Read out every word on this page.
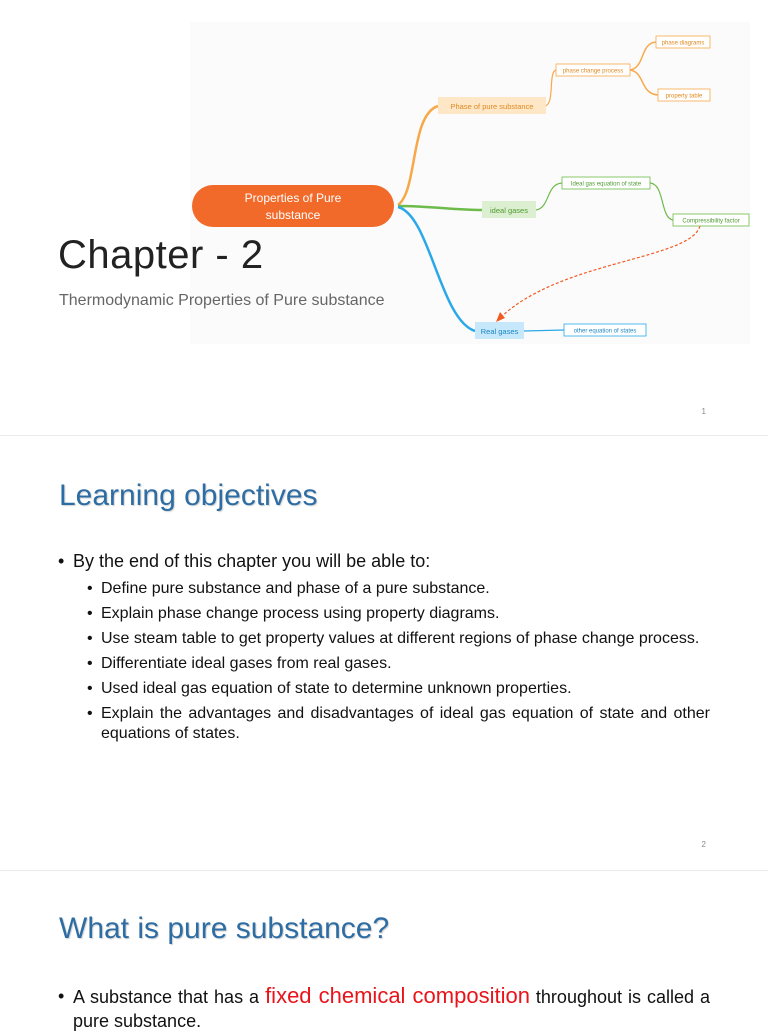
Properties of Pure
substance
Phase of pure substance
phase change process
phase diagrams
property table
ideal gases
Ideal gas equation of state
Compressibility factor
Real gases	other equation of states
Chapter - 2
Thermodynamic Properties of Pure substance
1
Learning objectives
• By the end of this chapter you will be able to:
• Define pure substance and phase of a pure substance.
• Explain phase change process using property diagrams.
• Use steam table to get property values at different regions of phase change process.
• Differentiate ideal gases from real gases.
• Used ideal gas equation of state to determine unknown properties.
• Explain the advantages and disadvantages of ideal gas equation of state and other equations of states.
2
What is pure substance?
• A substance that has a fixed chemical composition throughout is called a pure substance.
